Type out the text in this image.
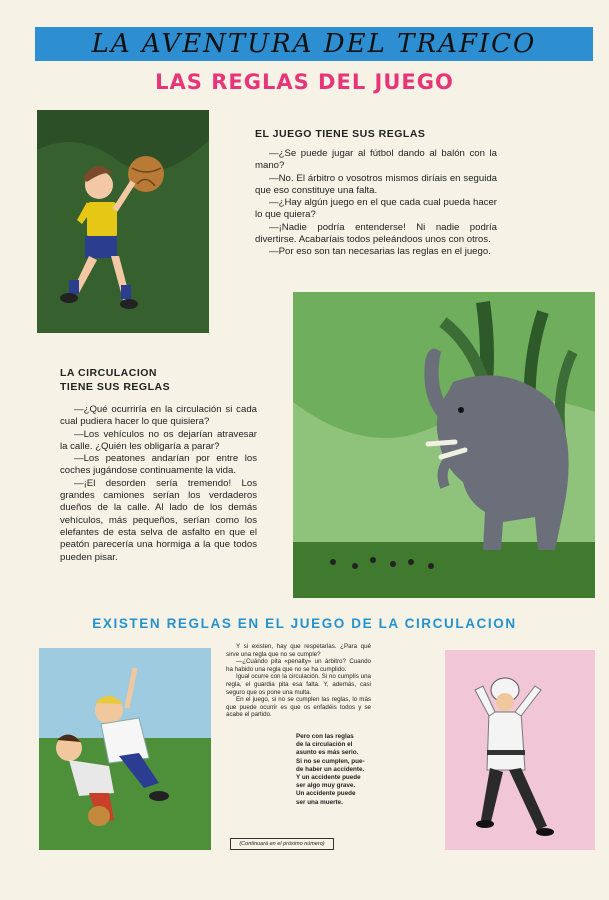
LA AVENTURA DEL TRAFICO
LAS REGLAS DEL JUEGO
EL JUEGO TIENE SUS REGLAS

—¿Se puede jugar al fútbol dando al balón con la mano?

—No. El árbitro o vosotros mismos diríais en seguida que eso constituye una falta.

—¿Hay algún juego en el que cada cual pueda hacer lo que quiera?

—¡Nadie podría entenderse! Ni nadie podría divertirse. Acabaríais todos peleándoos unos con otros.

—Por eso son tan necesarias las reglas en el juego.

LA CIRCULACION
TIENE SUS REGLAS

—¿Qué ocurriría en la circulación si cada cual pudiera hacer lo que quisiera?

—Los vehículos no os dejarían atravesar la calle. ¿Quién les obligaría a parar?

—Los peatones andarían por entre los coches jugándose continuamente la vida.

—¡El desorden sería tremendo! Los grandes camiones serían los verdaderos dueños de la calle. Al lado de los demás vehículos, más pequeños, serían como los elefantes de esta selva de asfalto en que el peatón parecería una hormiga a la que todos pueden pisar.

EXISTEN REGLAS EN EL JUEGO DE LA CIRCULACION

Y si existen, hay que respetarlas. ¿Para qué sirve una regla que no se cumple?

—¿Cuándo pita «penalty» un árbitro? Cuando ha habido una regla que no se ha cumplido.

Igual ocurre con la circulación. Si no cumplís una regla, el guardia pita esa falta. Y, además, casi seguro que os pone una multa.

En el juego, si no se cumplen las reglas, lo más que puede ocurrir es que os enfadéis todos y se acabe el partido.

Pero con las reglas

de la circulación el

asunto es más serio.

Si no se cumplen, pue-

de haber un accidente.

Y un accidente puede

ser algo muy grave.

Un accidente puede

ser una muerte.

(Continuará en el próximo número)
